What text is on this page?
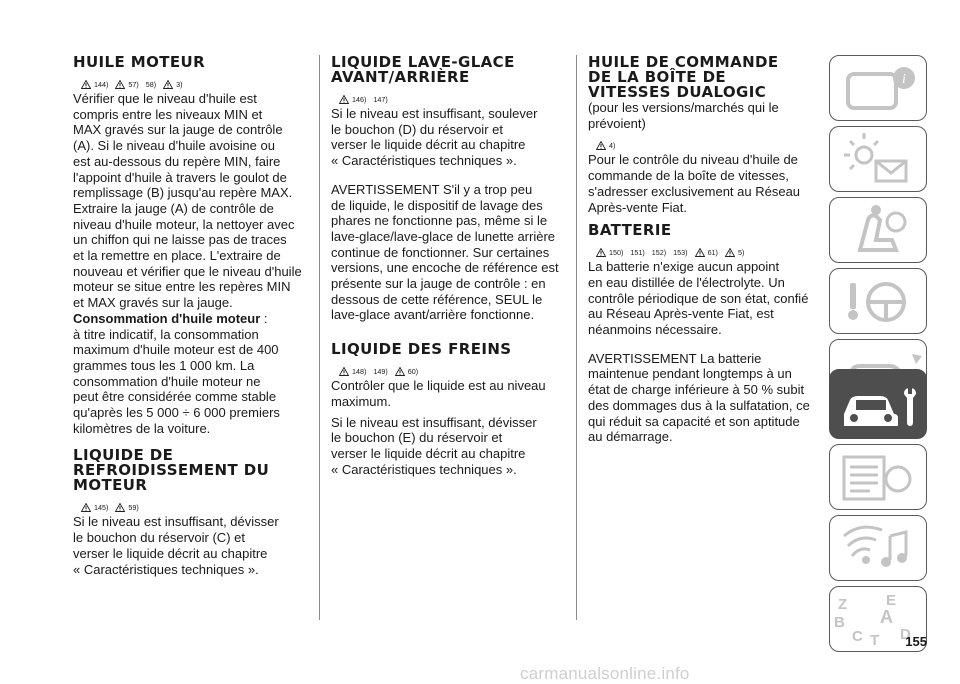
HUILE MOTEUR
144)	57) 58)	3)

Vérifier que le niveau d'huile est
compris entre les niveaux MIN et
MAX gravés sur la jauge de contrôle
(A). Si le niveau d'huile avoisine ou
est au-dessous du repère MIN, faire
l'appoint d'huile à travers le goulot de
remplissage (B) jusqu'au repère MAX.
Extraire la jauge (A) de contrôle de
niveau d'huile moteur, la nettoyer avec
un chiffon qui ne laisse pas de traces
et la remettre en place. L'extraire de
nouveau et vérifier que le niveau d'huile
moteur se situe entre les repères MIN
et MAX gravés sur la jauge.

Consommation d'huile moteur :
à titre indicatif, la consommation
maximum d'huile moteur est de 400
grammes tous les 1 000 km. La
consommation d'huile moteur ne
peut être considérée comme stable
qu'après les 5 000 ÷ 6 000 premiers
kilomètres de la voiture.

LIQUIDE DE
REFROIDISSEMENT DU
MOTEUR
145)	59)

Si le niveau est insuffisant, dévisser
le bouchon du réservoir (C) et
verser le liquide décrit au chapitre
« Caractéristiques techniques ».

LIQUIDE LAVE-GLACE
AVANT/ARRIÈRE
146) 147)

Si le niveau est insuffisant, soulever
le bouchon (D) du réservoir et
verser le liquide décrit au chapitre
« Caractéristiques techniques ».

AVERTISSEMENT S'il y a trop peu
de liquide, le dispositif de lavage des
phares ne fonctionne pas, même si le
lave-glace/lave-glace de lunette arrière
continue de fonctionner. Sur certaines
versions, une encoche de référence est
présente sur la jauge de contrôle : en
dessous de cette référence, SEUL le
lave-glace avant/arrière fonctionne.

LIQUIDE DES FREINS
148) 149)	60)

Contrôler que le liquide est au niveau
maximum.

Si le niveau est insuffisant, dévisser
le bouchon (E) du réservoir et
verser le liquide décrit au chapitre
« Caractéristiques techniques ».

HUILE DE COMMANDE
DE LA BOÎTE DE
VITESSES DUALOGIC

(pour les versions/marchés qui le
prévoient)

4)

Pour le contrôle du niveau d'huile de
commande de la boîte de vitesses,
s'adresser exclusivement au Réseau
Après-vente Fiat.

BATTERIE
150) 151) 152) 153)	61)	5)

La batterie n'exige aucun appoint
en eau distillée de l'électrolyte. Un
contrôle périodique de son état, confié
au Réseau Après-vente Fiat, est
néanmoins nécessaire.

AVERTISSEMENT La batterie
maintenue pendant longtemps à un
état de charge inférieure à 50 % subit
des dommages dus à la sulfatation, ce
qui réduit sa capacité et son aptitude
au démarrage.

i
Z	E
B A
C T D
155
carmanualsonline.info
